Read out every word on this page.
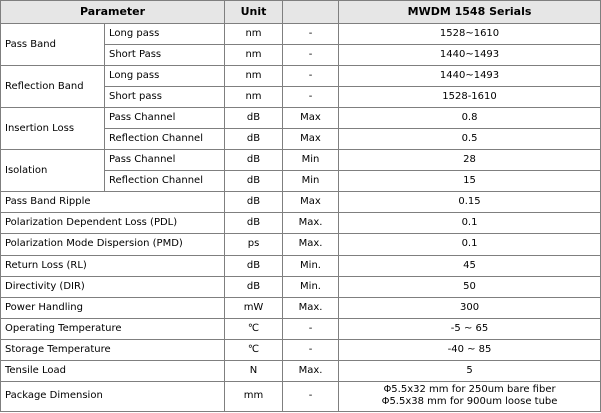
Parameter		Unit		MWDM 1548 Serials
Pass Band	Long pass	nm	-	1528~1610
	Short Pass	nm	-	1440~1493
Reflection Band	Long pass	nm	-	1440~1493
	Short pass	nm	-	1528-1610
Insertion Loss	Pass Channel	dB	Max	0.8
	Reflection Channel	dB	Max	0.5
Isolation	Pass Channel	dB	Min	28
	Reflection Channel	dB	Min	15
Pass Band Ripple		dB	Max	0.15
Polarization Dependent Loss (PDL)		dB	Max.	0.1
Polarization Mode Dispersion (PMD)		ps	Max.	0.1
Return Loss (RL)		dB	Min.	45
Directivity (DIR)		dB	Min.	50
Power Handling		mW	Max.	300
Operating Temperature		℃	-	-5 ~ 65
Storage Temperature		℃	-	-40 ~ 85
Tensile Load		N	Max.	5
Package Dimension		mm	-	Φ5.5x32 mm for 250um bare fiber
Φ5.5x38 mm for 900um loose tube
